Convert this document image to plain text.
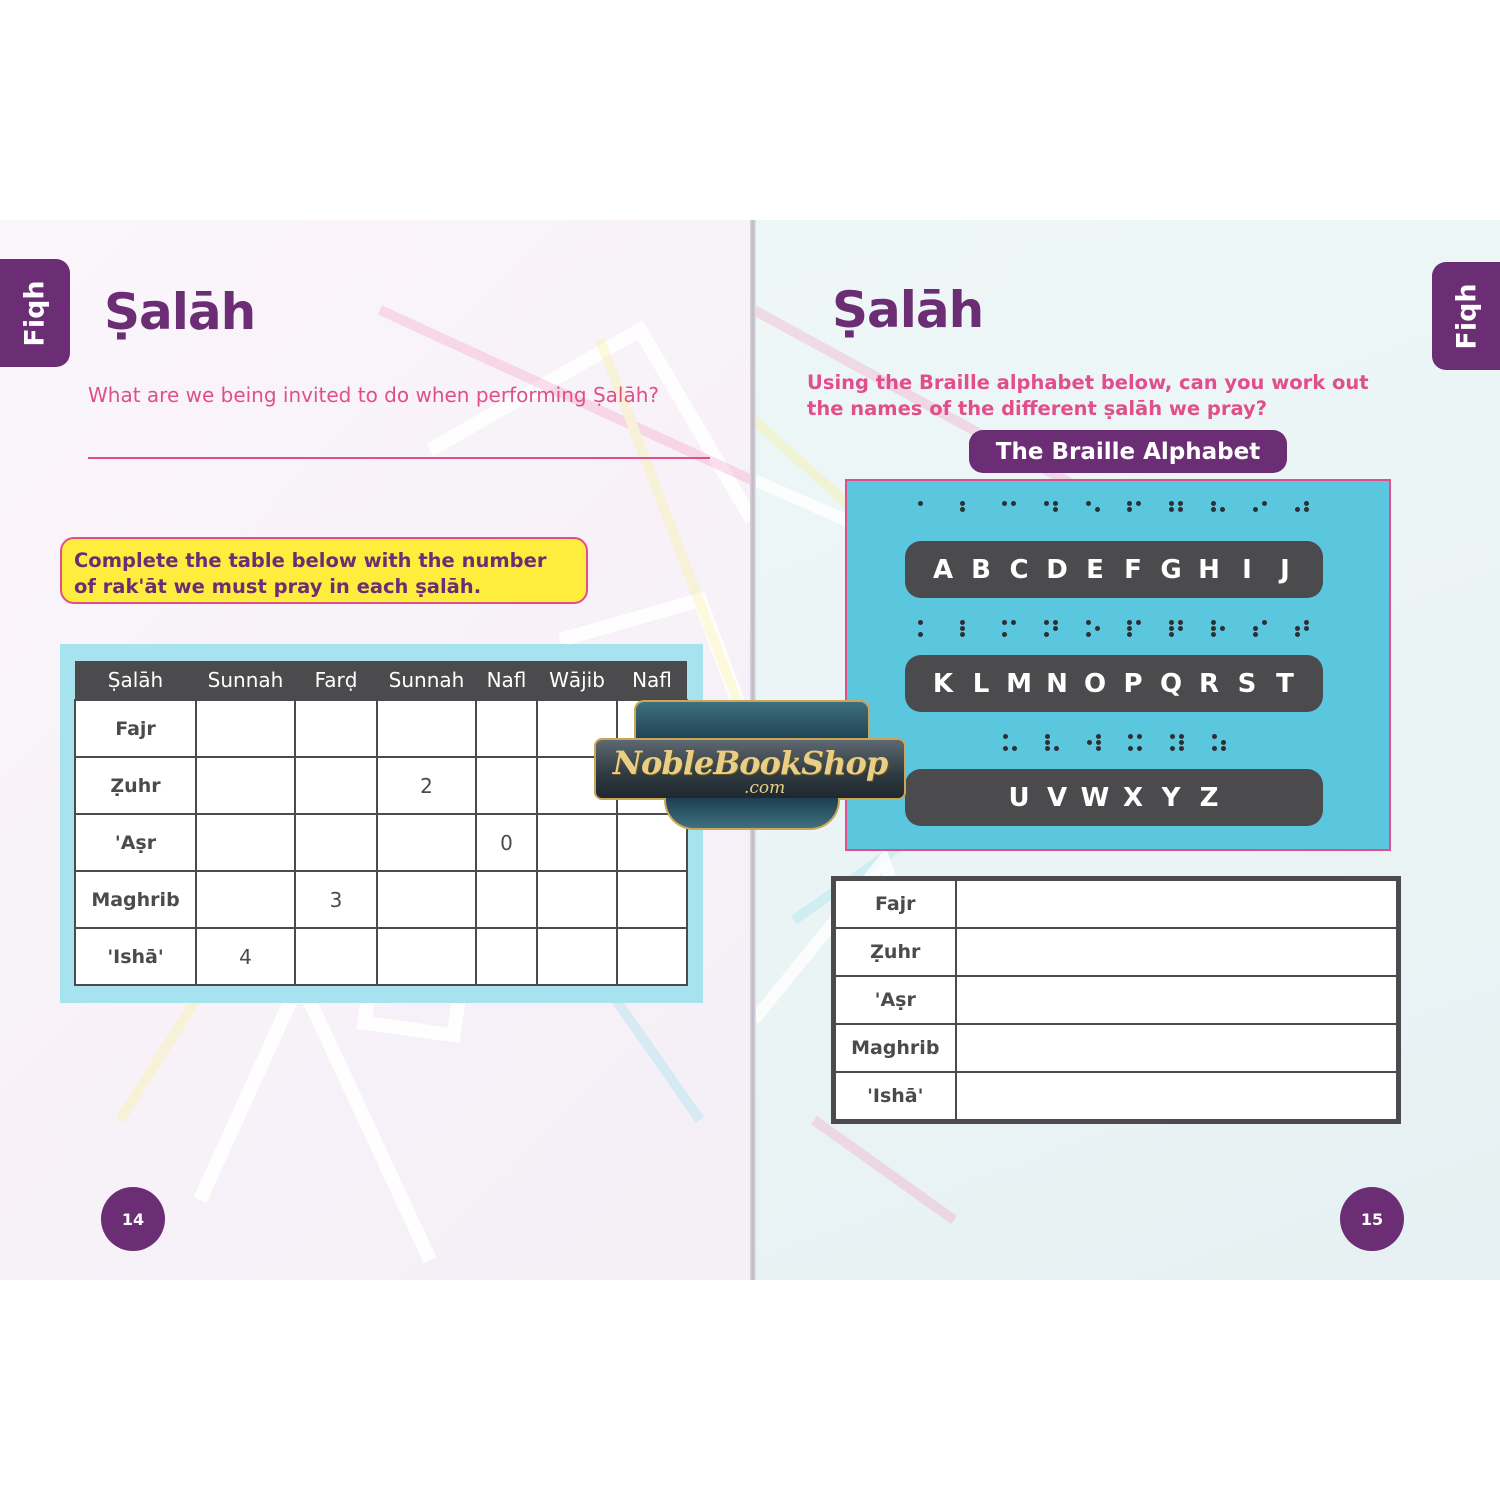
Fiqh Ṣalāh

What are we being invited to do when performing Ṣalāh?

Complete the table below with the number of rak'āt we must pray in each ṣalāh.
Ṣalāh	Sunnah	Farḍ	Sunnah	Nafl	Wājib	Nafl
Fajr						
Ẓuhr			2			
'Aṣr				0		
Maghrib		3				
'Ishā'	4					
14
Fiqh
Ṣalāh

Using the Braille alphabet below, can you work out the names of the different ṣalāh we pray?

The Braille Alphabet
A B C D E F G H I	J
K L M N O P Q R S T
U V W X Y Z
Fajr	
Ẓuhr	
'Aṣr	
Maghrib	
'Ishā'	
15
NobleBookShop
.com
